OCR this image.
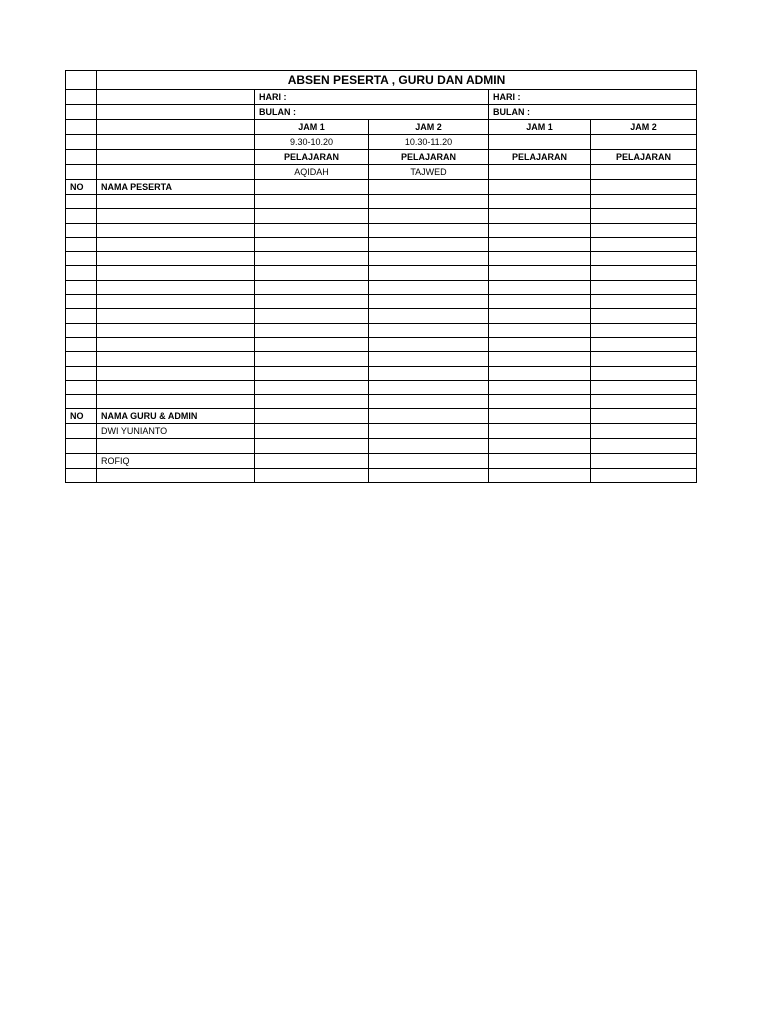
	ABSEN PESERTA , GURU DAN ADMIN				
		HARI :		HARI :	
		BULAN :		BULAN :	
		JAM 1	JAM 2	JAM 1	JAM 2
		9.30-10.20	10.30-11.20		
		PELAJARAN	PELAJARAN	PELAJARAN	PELAJARAN
		AQIDAH	TAJWED		
NO	NAMA PESERTA				

NO	NAMA GURU & ADMIN				
	DWI YUNIANTO				

	ROFIQ				
